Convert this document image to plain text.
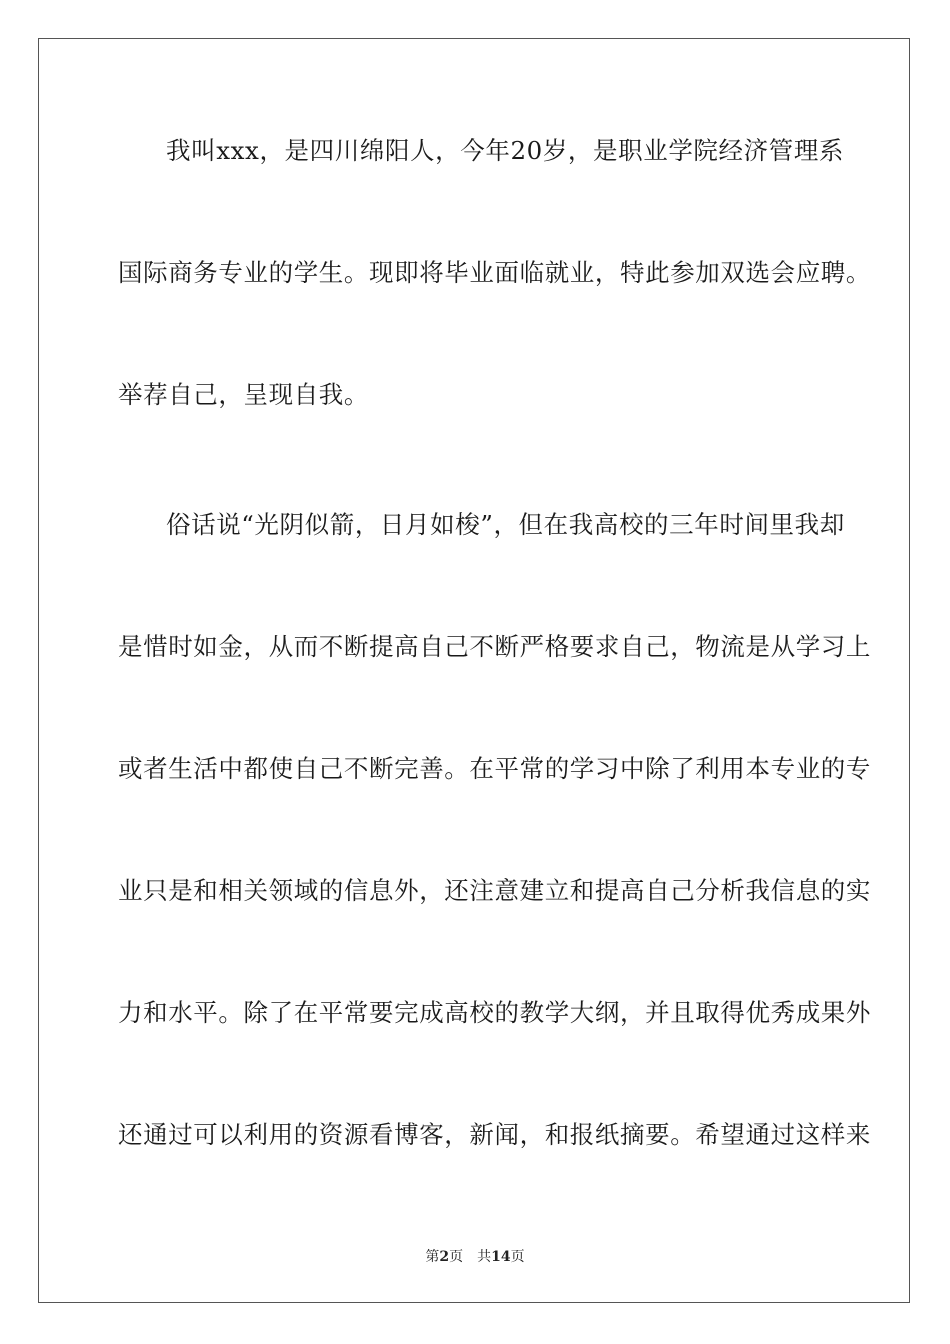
我叫xxx，是四川绵阳人，今年20岁，是职业学院经济管理系
国际商务专业的学生。现即将毕业面临就业，特此参加双选会应聘。
举荐自己，呈现自我。
俗话说“光阴似箭，日月如梭”，但在我高校的三年时间里我却
是惜时如金，从而不断提高自己不断严格要求自己，物流是从学习上
或者生活中都使自己不断完善。在平常的学习中除了利用本专业的专
业只是和相关领域的信息外，还注意建立和提高自己分析我信息的实
力和水平。除了在平常要完成高校的教学大纲，并且取得优秀成果外
还通过可以利用的资源看博客，新闻，和报纸摘要。希望通过这样来
第2页 共14页
